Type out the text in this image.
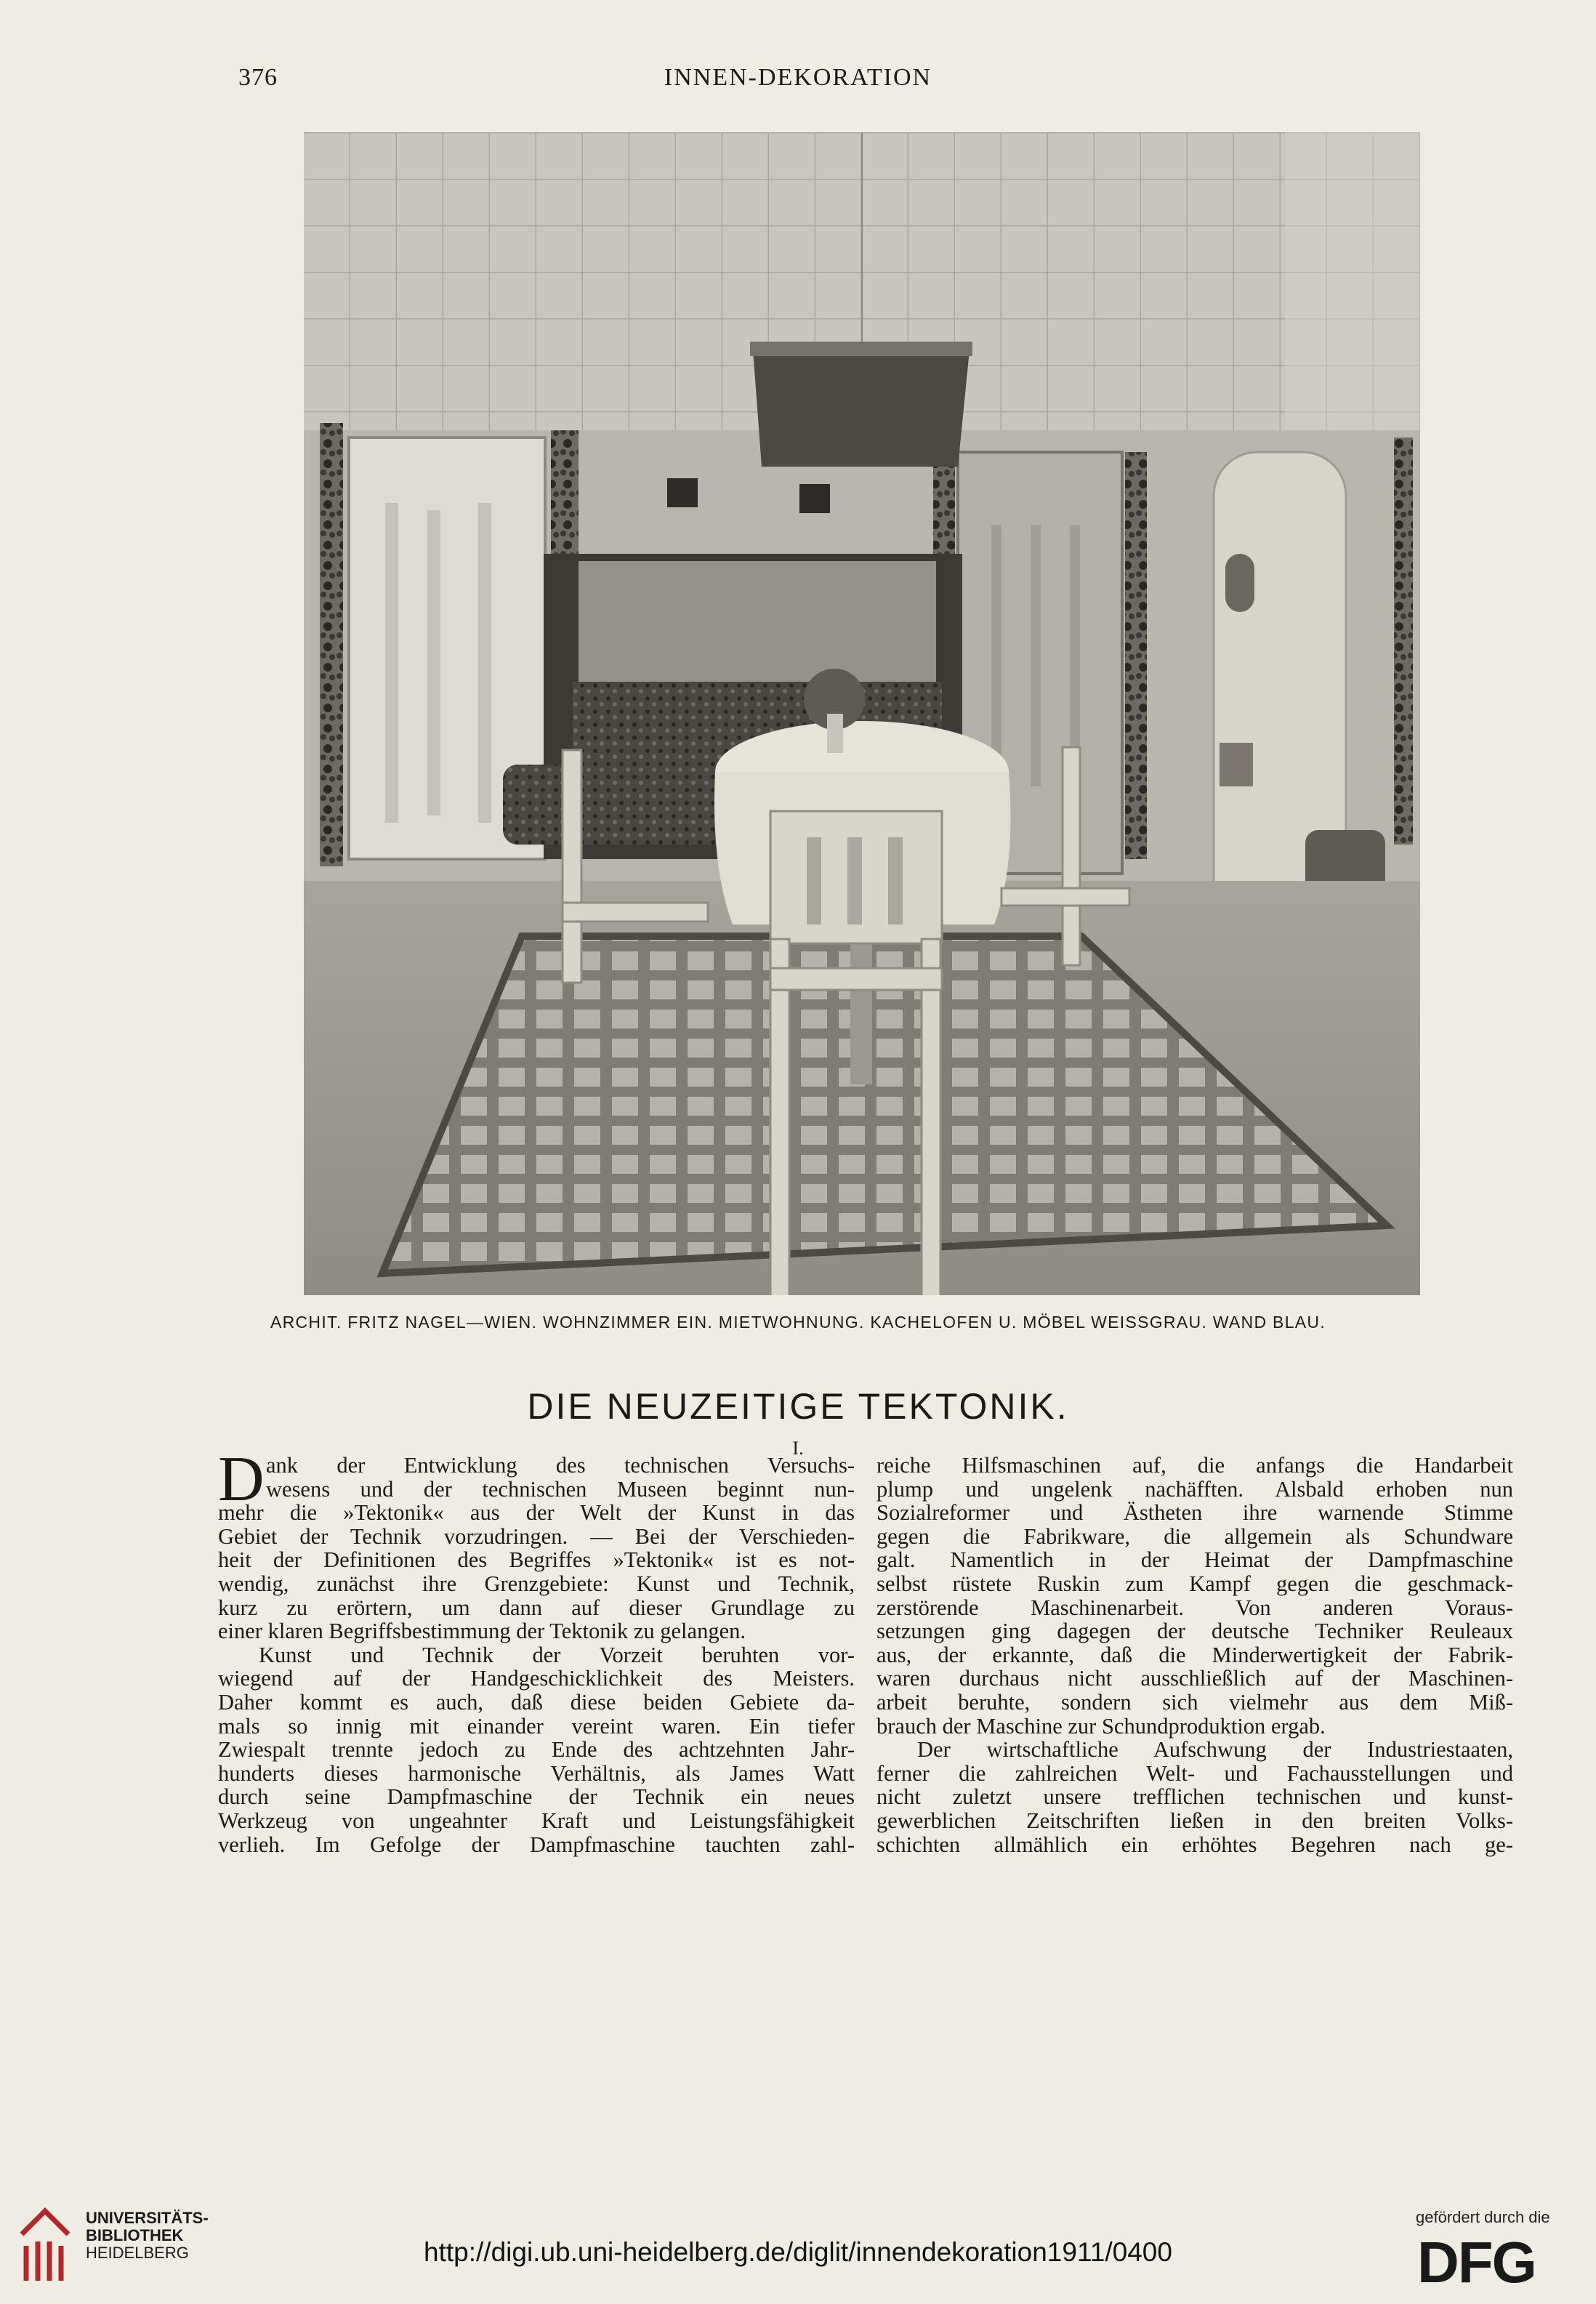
376	INNEN-DEKORATION
ARCHIT. FRITZ NAGEL—WIEN. WOHNZIMMER EIN. MIETWOHNUNG. KACHELOFEN U. MÖBEL WEISSGRAU. WAND BLAU.
DIE NEUZEITIGE TEKTONIK.
I.
D ank der Entwicklung des technischen Versuchs-
wesens und der technischen Museen beginnt nun-
mehr die »Tektonik« aus der Welt der Kunst in das
Gebiet der Technik vorzudringen. — Bei der Verschieden-
heit der Definitionen des Begriffes »Tektonik« ist es not-
wendig, zunächst ihre Grenzgebiete: Kunst und Technik,
kurz zu erörtern, um dann auf dieser Grundlage zu
einer klaren Begriffsbestimmung der Tektonik zu gelangen.
Kunst und Technik der Vorzeit beruhten vor-
wiegend auf der Handgeschicklichkeit des Meisters.
Daher kommt es auch, daß diese beiden Gebiete da-
mals so innig mit einander vereint waren. Ein tiefer
Zwiespalt trennte jedoch zu Ende des achtzehnten Jahr-
hunderts dieses harmonische Verhältnis, als James Watt
durch seine Dampfmaschine der Technik ein neues
Werkzeug von ungeahnter Kraft und Leistungsfähigkeit
verlieh. Im Gefolge der Dampfmaschine tauchten zahl-
reiche Hilfsmaschinen auf, die anfangs die Handarbeit
plump und ungelenk nachäfften. Alsbald erhoben nun
Sozialreformer und Ästheten ihre warnende Stimme
gegen die Fabrikware, die allgemein als Schundware
galt. Namentlich in der Heimat der Dampfmaschine
selbst rüstete Ruskin zum Kampf gegen die geschmack-
zerstörende Maschinenarbeit. Von anderen Voraus-
setzungen ging dagegen der deutsche Techniker Reuleaux
aus, der erkannte, daß die Minderwertigkeit der Fabrik-
waren durchaus nicht ausschließlich auf der Maschinen-
arbeit beruhte, sondern sich vielmehr aus dem Miß-
brauch der Maschine zur Schundproduktion ergab.
Der wirtschaftliche Aufschwung der Industriestaaten,
ferner die zahlreichen Welt- und Fachausstellungen und
nicht zuletzt unsere trefflichen technischen und kunst-
gewerblichen Zeitschriften ließen in den breiten Volks-
schichten allmählich ein erhöhtes Begehren nach ge-
UNIVERSITÄTS-
BIBLIOTHEK
HEIDELBERG	http://digi.ub.uni-heidelberg.de/diglit/innendekoration1911/0400
gefördert durch die
DFG
